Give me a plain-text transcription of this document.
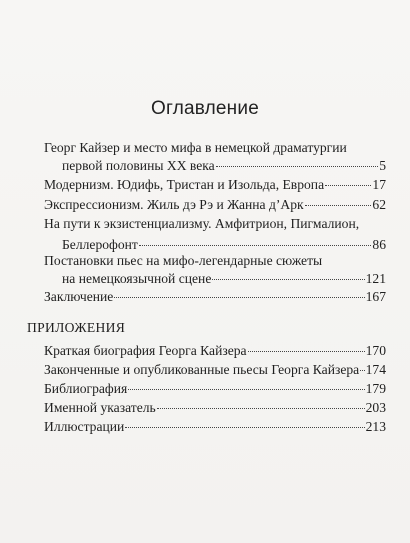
Оглавление
Георг Кайзер и место мифа в немецкой драматургии
первой половины XX века	5
Модернизм. Юдифь, Тристан и Изольда, Европа	17
Экспрессионизм. Жиль дэ Рэ и Жанна д’Арк	62
На пути к экзистенциализму. Амфитрион, Пигмалион,
Беллерофонт	86
Постановки пьес на мифо-легендарные сюжеты
на немецкоязычной сцене	121
Заключение	167
ПРИЛОЖЕНИЯ
Краткая биография Георга Кайзера	170
Законченные и опубликованные пьесы Георга Кайзера 174
Библиография	179
Именной указатель	203
Иллюстрации	213
